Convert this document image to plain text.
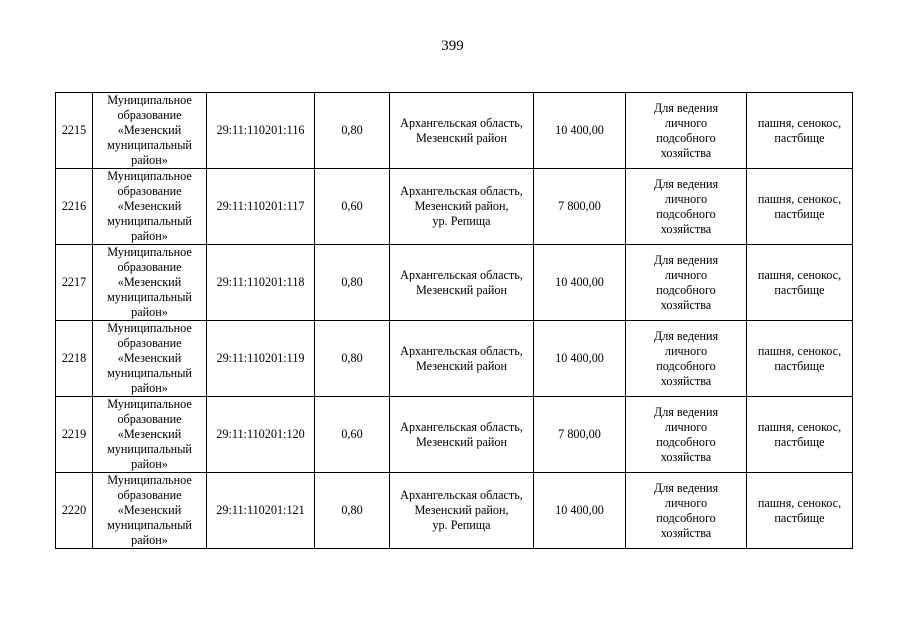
399
2215	Муниципальное
образование
«Мезенский
муниципальный
район»	29:11:110201:116	0,80	Архангельская область,
Мезенский район	10 400,00	Для ведения
личного
подсобного
хозяйства	пашня, сенокос,
пастбище

2216	Муниципальное
образование
«Мезенский
муниципальный
район»	29:11:110201:117	0,60	Архангельская область,
Мезенский район,
ур. Репища	7 800,00	Для ведения
личного
подсобного
хозяйства	пашня, сенокос,
пастбище

2217	Муниципальное
образование
«Мезенский
муниципальный
район»	29:11:110201:118	0,80	Архангельская область,
Мезенский район	10 400,00	Для ведения
личного
подсобного
хозяйства	пашня, сенокос,
пастбище

2218	Муниципальное
образование
«Мезенский
муниципальный
район»	29:11:110201:119	0,80	Архангельская область,
Мезенский район	10 400,00	Для ведения
личного
подсобного
хозяйства	пашня, сенокос,
пастбище

2219	Муниципальное
образование
«Мезенский
муниципальный
район»	29:11:110201:120	0,60	Архангельская область,
Мезенский район	7 800,00	Для ведения
личного
подсобного
хозяйства	пашня, сенокос,
пастбище

2220	Муниципальное
образование
«Мезенский
муниципальный
район»	29:11:110201:121	0,80	Архангельская область,
Мезенский район,
ур. Репища	10 400,00	Для ведения
личного
подсобного
хозяйства	пашня, сенокос,
пастбище
